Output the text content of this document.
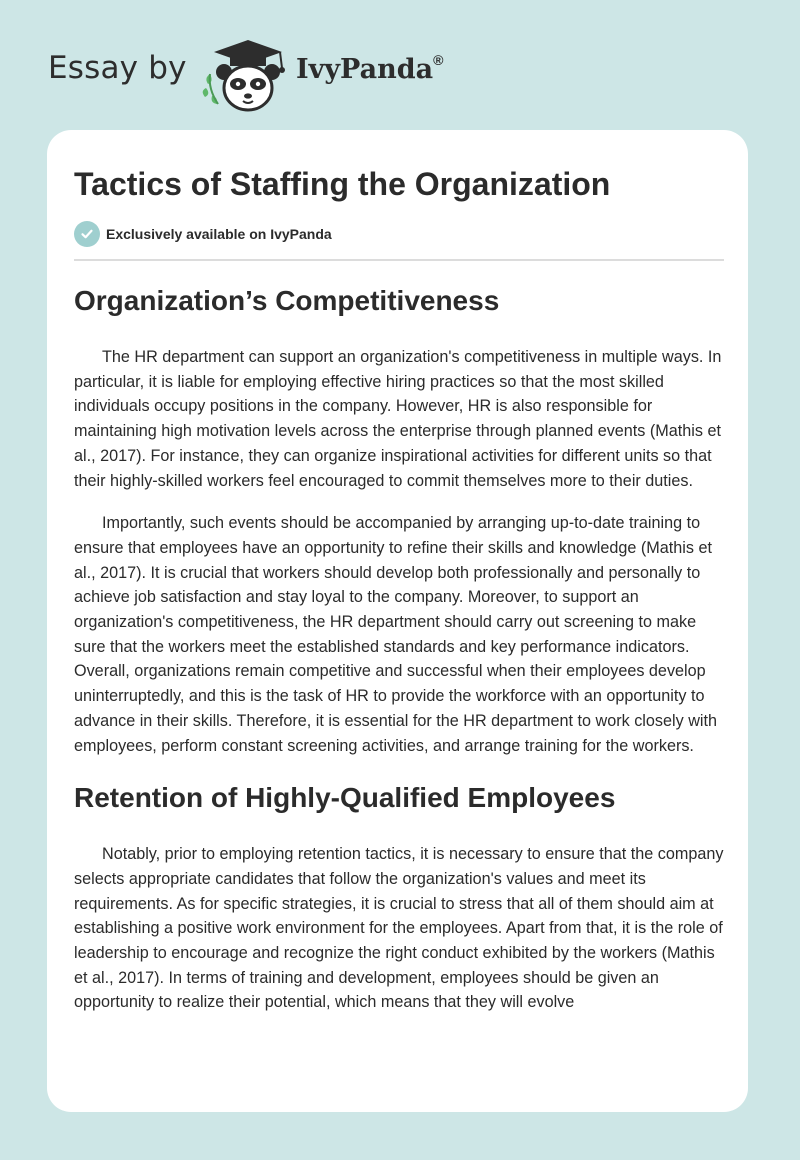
Essay by	IvyPanda®
Tactics of Staffing the Organization
Exclusively available on IvyPanda
Organization’s Competitiveness

The HR department can support an organization's competitiveness in multiple ways. In particular, it is liable for employing effective hiring practices so that the most skilled individuals occupy positions in the company. However, HR is also responsible for maintaining high motivation levels across the enterprise through planned events (Mathis et al., 2017). For instance, they can organize inspirational activities for different units so that their highly-skilled workers feel encouraged to commit themselves more to their duties.

Importantly, such events should be accompanied by arranging up-to-date training to ensure that employees have an opportunity to refine their skills and knowledge (Mathis et al., 2017). It is crucial that workers should develop both professionally and personally to achieve job satisfaction and stay loyal to the company. Moreover, to support an organization's competitiveness, the HR department should carry out screening to make sure that the workers meet the established standards and key performance indicators. Overall, organizations remain competitive and successful when their employees develop uninterruptedly, and this is the task of HR to provide the workforce with an opportunity to advance in their skills. Therefore, it is essential for the HR department to work closely with employees, perform constant screening activities, and arrange training for the workers.

Retention of Highly-Qualified Employees

Notably, prior to employing retention tactics, it is necessary to ensure that the company selects appropriate candidates that follow the organization's values and meet its requirements. As for specific strategies, it is crucial to stress that all of them should aim at establishing a positive work environment for the employees. Apart from that, it is the role of leadership to encourage and recognize the right conduct exhibited by the workers (Mathis et al., 2017). In terms of training and development, employees should be given an opportunity to realize their potential, which means that they will evolve
